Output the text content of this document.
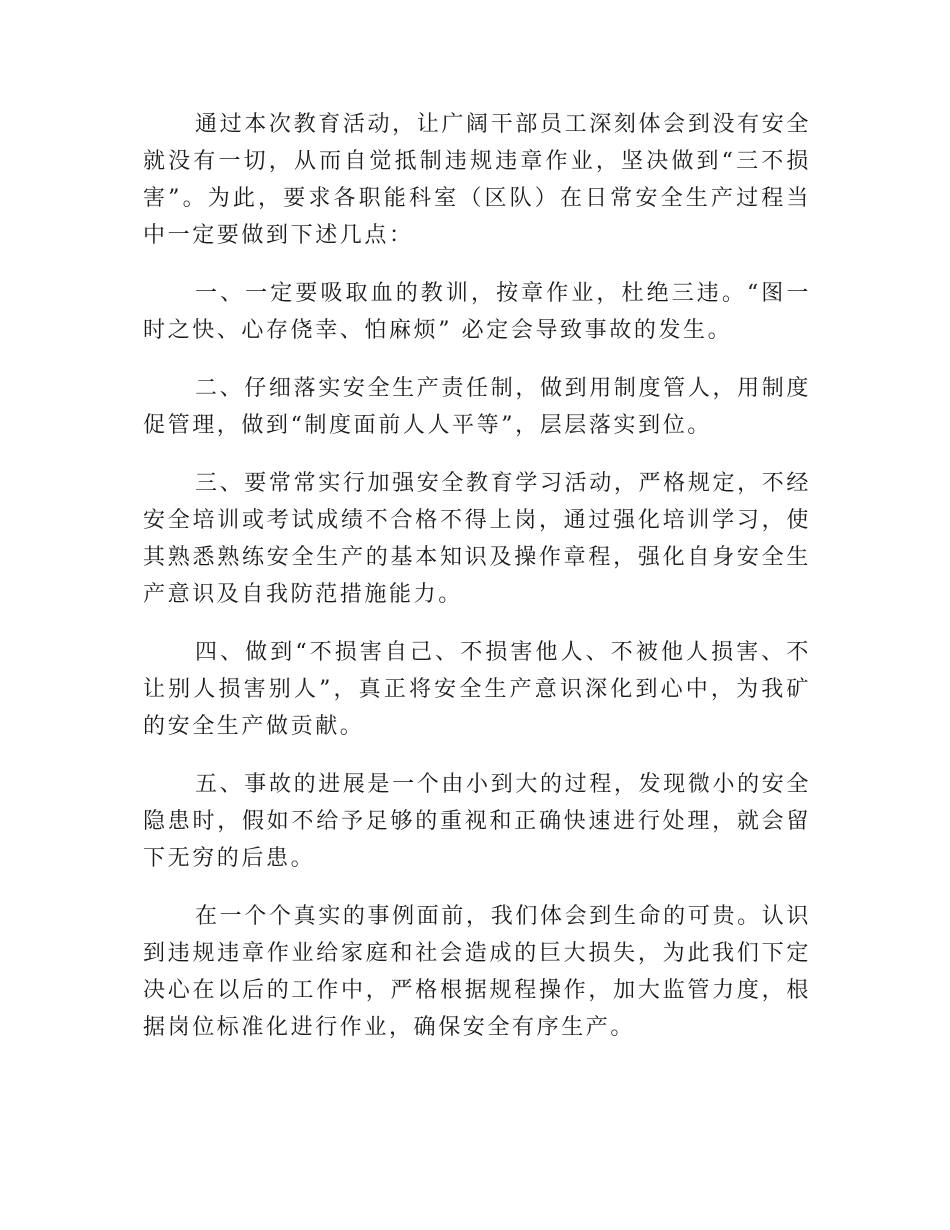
通过本次教育活动，让广阔干部员工深刻体会到没有安全就没有一切，从而自觉抵制违规违章作业，坚决做到“三不损害”。为此，要求各职能科室（区队）在日常安全生产过程当中一定要做到下述几点：

一、一定要吸取血的教训，按章作业，杜绝三违。“图一时之快、心存侥幸、怕麻烦” 必定会导致事故的发生。

二、仔细落实安全生产责任制，做到用制度管人，用制度促管理，做到“制度面前人人平等”，层层落实到位。

三、要常常实行加强安全教育学习活动，严格规定，不经安全培训或考试成绩不合格不得上岗，通过强化培训学习，使其熟悉熟练安全生产的基本知识及操作章程，强化自身安全生产意识及自我防范措施能力。

四、做到“不损害自己、不损害他人、不被他人损害、不让别人损害别人”，真正将安全生产意识深化到心中，为我矿的安全生产做贡献。

五、事故的进展是一个由小到大的过程，发现微小的安全隐患时，假如不给予足够的重视和正确快速进行处理，就会留下无穷的后患。

在一个个真实的事例面前，我们体会到生命的可贵。认识到违规违章作业给家庭和社会造成的巨大损失，为此我们下定决心在以后的工作中，严格根据规程操作，加大监管力度，根据岗位标准化进行作业，确保安全有序生产。
